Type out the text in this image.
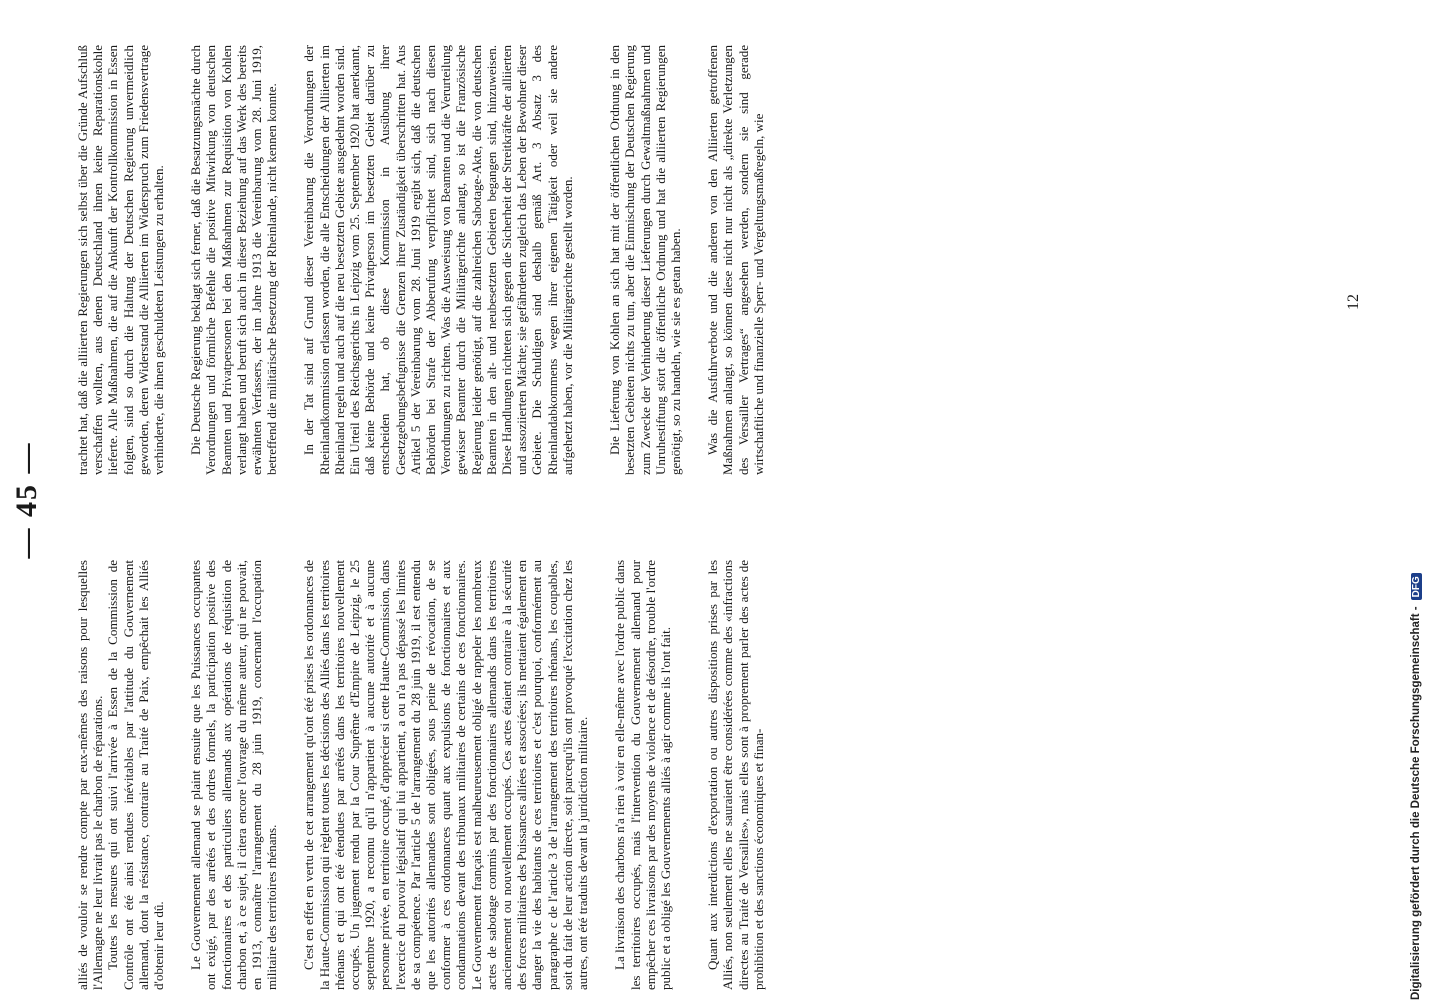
— 45 —

alliés de vouloir se rendre compte par eux-mêmes des raisons pour lesquelles l'Allemagne ne leur livrait pas le charbon de réparations. Toutes les mesures qui ont suivi l'arrivée à Essen de la Commission de Contrôle ont été ainsi rendues inévitables par l'attitude du Gouvernement allemand, dont la résistance, contraire au Traité de Paix, empêchait les Alliés d'obtenir leur dû. Le Gouvernement allemand se plaint ensuite que les Puissances occupantes ont exigé, par des arrêtés et des ordres formels, la participation positive des fonctionnaires et des particuliers allemands aux opérations de réquisition de charbon et, à ce sujet, il citera encore l'ouvrage du même auteur, qui ne pouvait, en 1913, connaître l'arrangement du 28 juin 1919, concernant l'occupation militaire des territoires rhénans. C'est en effet en vertu de cet arrangement qu'ont été prises les ordonnances de la Haute-Commission qui règlent toutes les décisions des Alliés dans les territoires rhénans et qui ont été étendues par arrêtés dans les territoires nouvellement occupés. Un jugement rendu par la Cour Suprême d'Empire de Leipzig, le 25 septembre 1920, a reconnu qu'il n'appartient à aucune autorité et à aucune personne privée, en territoire occupé, d'apprécier si cette Haute-Commission, dans l'exercice du pouvoir législatif qui lui appartient, a ou n'a pas dépassé les limites de sa compétence. Par l'article 5 de l'arrangement du 28 juin 1919, il est entendu que les autorités allemandes sont obligées, sous peine de révocation, de se conformer à ces ordonnances quant aux expulsions de fonctionnaires et aux condamnations devant des tribunaux militaires de certains de ces fonctionnaires. Le Gouvernement français est malheureusement obligé de rappeler les nombreux actes de sabotage commis par des fonctionnaires allemands dans les territoires anciennement ou nouvellement occupés. Ces actes étaient contraire à la sécurité des forces militaires des Puissances alliées et associées; ils mettaient également en danger la vie des habitants de ces territoires et c'est pourquoi, conformément au paragraphe c de l'article 3 de l'arrangement des territoires rhénans, les coupables, soit du fait de leur action directe, soit parcequ'ils ont provoqué l'excitation chez les autres, ont été traduits devant la juridiction militaire. La livraison des charbons n'a rien à voir en elle-même avec l'ordre public dans les territoires occupés, mais l'intervention du Gouvernement allemand pour empêcher ces livraisons par des moyens de violence et de désordre, trouble l'ordre public et a obligé les Gouvernements alliés à agir comme ils l'ont fait. Quant aux interdictions d'exportation ou autres dispositions prises par les Alliés, non seulement elles ne sauraient être considérées comme des «infractions directes au Traité de Versailles», mais elles sont à proprement parler des actes de prohibition et des sanctions économiques et finan-

trachtet hat, daß die alliierten Regierungen sich selbst über die Gründe Aufschluß verschaffen wollten, aus denen Deutschland ihnen keine Reparationskohle lieferte. Alle Maßnahmen, die auf die Ankunft der Kontrollkommission in Essen folgten, sind so durch die Haltung der Deutschen Regierung unvermeidlich geworden, deren Widerstand die Alliierten im Widerspruch zum Friedensvertrage verhinderte, die ihnen geschuldeten Leistungen zu erhalten. Die Deutsche Regierung beklagt sich ferner, daß die Besatzungsmächte durch Verordnungen und förmliche Befehle die positive Mitwirkung von deutschen Beamten und Privatpersonen bei den Maßnahmen zur Requisition von Kohlen verlangt haben und beruft sich auch in dieser Beziehung auf das Werk des bereits erwähnten Verfassers, der im Jahre 1913 die Vereinbarung vom 28. Juni 1919, betreffend die militärische Besetzung der Rheinlande, nicht kennen konnte. In der Tat sind auf Grund dieser Vereinbarung die Verordnungen der Rheinlandkommission erlassen worden, die alle Entscheidungen der Alliierten im Rheinland regeln und auch auf die neu besetzten Gebiete ausgedehnt worden sind. Ein Urteil des Reichsgerichts in Leipzig vom 25. September 1920 hat anerkannt, daß keine Behörde und keine Privatperson im besetzten Gebiet darüber zu entscheiden hat, ob diese Kommission in Ausübung ihrer Gesetzgebungsbefugnisse die Grenzen ihrer Zuständigkeit überschritten hat. Aus Artikel 5 der Vereinbarung vom 28. Juni 1919 ergibt sich, daß die deutschen Behörden bei Strafe der Abberufung verpflichtet sind, sich nach diesen Verordnungen zu richten. Was die Ausweisung von Beamten und die Verurteilung gewisser Beamter durch die Militärgerichte anlangt, so ist die Französische Regierung leider genötigt, auf die zahlreichen Sabotage-Akte, die von deutschen Beamten in den alt- und neubesetzten Gebieten begangen sind, hinzuweisen. Diese Handlungen richteten sich gegen die Sicherheit der Streitkräfte der alliierten und assoziierten Mächte; sie gefährdeten zugleich das Leben der Bewohner dieser Gebiete. Die Schuldigen sind deshalb gemäß Art. 3 Absatz 3 des Rheinlandabkommens wegen ihrer eigenen Tätigkeit oder weil sie andere aufgehetzt haben, vor die Militärgerichte gestellt worden. Die Lieferung von Kohlen an sich hat mit der öffentlichen Ordnung in den besetzten Gebieten nichts zu tun, aber die Einmischung der Deutschen Regierung zum Zwecke der Verhinderung dieser Lieferungen durch Gewaltmaßnahmen und Unruhestiftung stört die öffentliche Ordnung und hat die alliierten Regierungen genötigt, so zu handeln, wie sie es getan haben. Was die Ausfuhrverbote und die anderen von den Alliierten getroffenen Maßnahmen anlangt, so können diese nicht nur nicht als „direkte Verletzungen des Versailler Vertrages“ angesehen werden, sondern sie sind gerade wirtschaftliche und finanzielle Sperr- und Vergeltungsmaßregeln, wie	12
Digitalisierung gefördert durch die Deutsche Forschungsgemeinschaft -DFG
